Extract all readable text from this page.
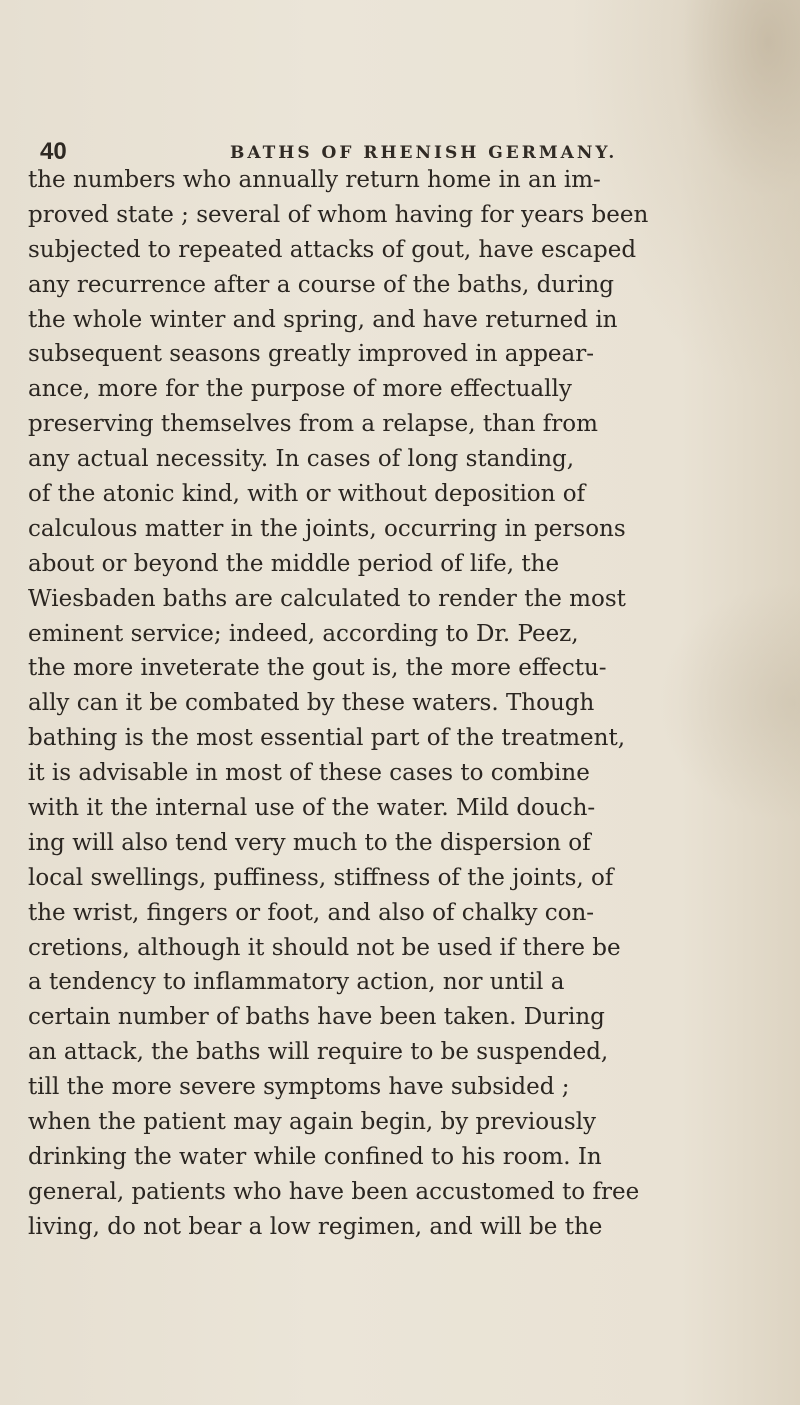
40	BATHS OF RHENISH GERMANY.
the numbers who annually return home in an im-
proved state ; several of whom having for years been
subjected to repeated attacks of gout, have escaped
any recurrence after a course of the baths, during
the whole winter and spring, and have returned in
subsequent seasons greatly improved in appear-
ance, more for the purpose of more effectually
preserving themselves from a relapse, than from
any actual necessity. In cases of long standing,
of the atonic kind, with or without deposition of
calculous matter in the joints, occurring in persons
about or beyond the middle period of life, the
Wiesbaden baths are calculated to render the most
eminent service; indeed, according to Dr. Peez,
the more inveterate the gout is, the more effectu-
ally can it be combated by these waters. Though
bathing is the most essential part of the treatment,
it is advisable in most of these cases to combine
with it the internal use of the water. Mild douch-
ing will also tend very much to the dispersion of
local swellings, puffiness, stiffness of the joints, of
the wrist, fingers or foot, and also of chalky con-
cretions, although it should not be used if there be
a tendency to inflammatory action, nor until a
certain number of baths have been taken. During
an attack, the baths will require to be suspended,
till the more severe symptoms have subsided ;
when the patient may again begin, by previously
drinking the water while confined to his room. In
general, patients who have been accustomed to free
living, do not bear a low regimen, and will be the
